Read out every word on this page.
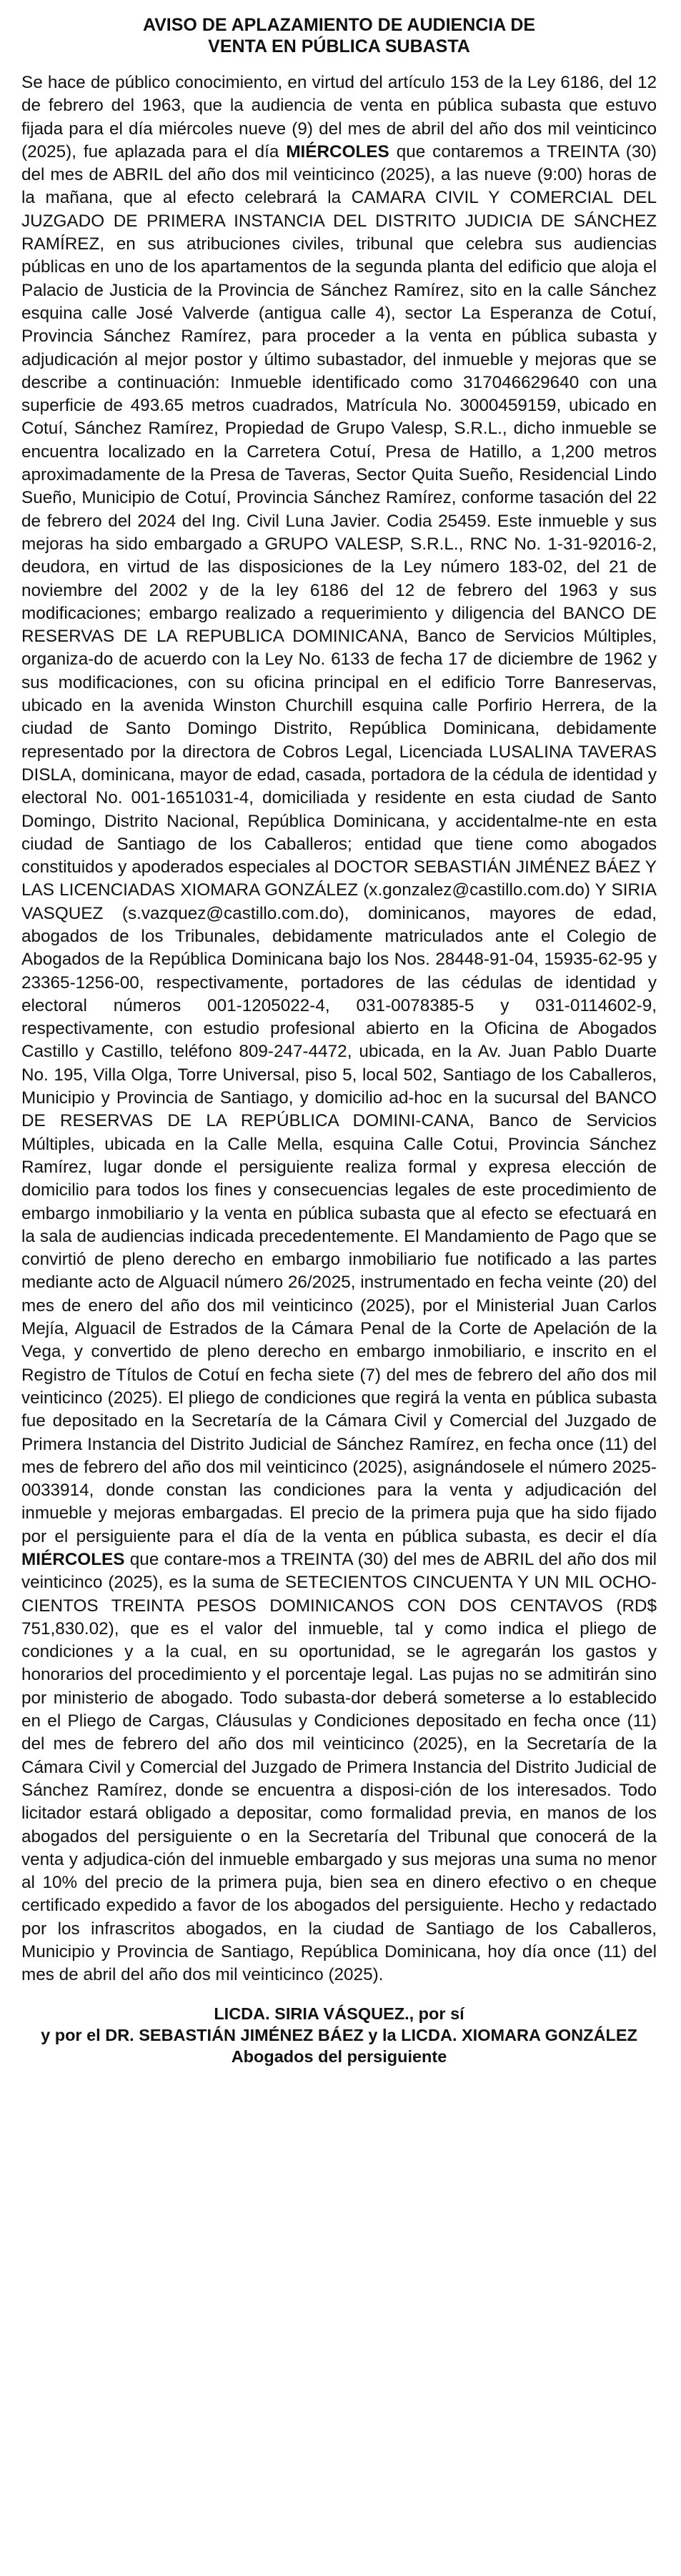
AVISO DE APLAZAMIENTO DE AUDIENCIA DE
VENTA EN PÚBLICA SUBASTA

Se hace de público conocimiento, en virtud del artículo 153 de la Ley 6186, del 12 de febrero del 1963, que la audiencia de venta en pública subasta que estuvo fijada para el día miércoles nueve (9) del mes de abril del año dos mil veinticinco (2025), fue aplazada para el día MIÉRCOLES que contaremos a TREINTA (30) del mes de ABRIL del año dos mil veinticinco (2025), a las nueve (9:00) horas de la mañana, que al efecto celebrará la CAMARA CIVIL Y COMERCIAL DEL JUZGADO DE PRIMERA INSTANCIA DEL DISTRITO JUDICIA DE SÁNCHEZ RAMÍREZ, en sus atribuciones civiles, tribunal que celebra sus audiencias públicas en uno de los apartamentos de la segunda planta del edificio que aloja el Palacio de Justicia de la Provincia de Sánchez Ramírez, sito en la calle Sánchez esquina calle José Valverde (antigua calle 4), sector La Esperanza de Cotuí, Provincia Sánchez Ramírez, para proceder a la venta en pública subasta y adjudicación al mejor postor y último subastador, del inmueble y mejoras que se describe a continuación: Inmueble identificado como 317046629640 con una superficie de 493.65 metros cuadrados, Matrícula No. 3000459159, ubicado en Cotuí, Sánchez Ramírez, Propiedad de Grupo Valesp, S.R.L., dicho inmueble se encuentra localizado en la Carretera Cotuí, Presa de Hatillo, a 1,200 metros aproximadamente de la Presa de Taveras, Sector Quita Sueño, Residencial Lindo Sueño, Municipio de Cotuí, Provincia Sánchez Ramírez, conforme tasación del 22 de febrero del 2024 del Ing. Civil Luna Javier. Codia 25459. Este inmueble y sus mejoras ha sido embargado a GRUPO VALESP, S.R.L., RNC No. 1-31-92016-2, deudora, en virtud de las disposiciones de la Ley número 183-02, del 21 de noviembre del 2002 y de la ley 6186 del 12 de febrero del 1963 y sus modificaciones; embargo realizado a requerimiento y diligencia del BANCO DE RESERVAS DE LA REPUBLICA DOMINICANA, Banco de Servicios Múltiples, organiza-do de acuerdo con la Ley No. 6133 de fecha 17 de diciembre de 1962 y sus modificaciones, con su oficina principal en el edificio Torre Banreservas, ubicado en la avenida Winston Churchill esquina calle Porfirio Herrera, de la ciudad de Santo Domingo Distrito, República Dominicana, debidamente representado por la directora de Cobros Legal, Licenciada LUSALINA TAVERAS DISLA, dominicana, mayor de edad, casada, portadora de la cédula de identidad y electoral No. 001-1651031-4, domiciliada y residente en esta ciudad de Santo Domingo, Distrito Nacional, República Dominicana, y accidentalme-nte en esta ciudad de Santiago de los Caballeros; entidad que tiene como abogados constituidos y apoderados especiales al DOCTOR SEBASTIÁN JIMÉNEZ BÁEZ Y LAS LICENCIADAS XIOMARA GONZÁLEZ (x.gonzalez@castillo.com.do) Y SIRIA VASQUEZ (s.vazquez@castillo.com.do), dominicanos, mayores de edad, abogados de los Tribunales, debidamente matriculados ante el Colegio de Abogados de la República Dominicana bajo los Nos. 28448-91-04, 15935-62-95 y 23365-1256-00, respectivamente, portadores de las cédulas de identidad y electoral números 001-1205022-4, 031-0078385-5 y 031-0114602-9, respectivamente, con estudio profesional abierto en la Oficina de Abogados Castillo y Castillo, teléfono 809-247-4472, ubicada, en la Av. Juan Pablo Duarte No. 195, Villa Olga, Torre Universal, piso 5, local 502, Santiago de los Caballeros, Municipio y Provincia de Santiago, y domicilio ad-hoc en la sucursal del BANCO DE RESERVAS DE LA REPÚBLICA DOMINI-CANA, Banco de Servicios Múltiples, ubicada en la Calle Mella, esquina Calle Cotui, Provincia Sánchez Ramírez, lugar donde el persiguiente realiza formal y expresa elección de domicilio para todos los fines y consecuencias legales de este procedimiento de embargo inmobiliario y la venta en pública subasta que al efecto se efectuará en la sala de audiencias indicada precedentemente. El Mandamiento de Pago que se convirtió de pleno derecho en embargo inmobiliario fue notificado a las partes mediante acto de Alguacil número 26/2025, instrumentado en fecha veinte (20) del mes de enero del año dos mil veinticinco (2025), por el Ministerial Juan Carlos Mejía, Alguacil de Estrados de la Cámara Penal de la Corte de Apelación de la Vega, y convertido de pleno derecho en embargo inmobiliario, e inscrito en el Registro de Títulos de Cotuí en fecha siete (7) del mes de febrero del año dos mil veinticinco (2025). El pliego de condiciones que regirá la venta en pública subasta fue depositado en la Secretaría de la Cámara Civil y Comercial del Juzgado de Primera Instancia del Distrito Judicial de Sánchez Ramírez, en fecha once (11) del mes de febrero del año dos mil veinticinco (2025), asignándosele el número 2025-0033914, donde constan las condiciones para la venta y adjudicación del inmueble y mejoras embargadas. El precio de la primera puja que ha sido fijado por el persiguiente para el día de la venta en pública subasta, es decir el día MIÉRCOLES que contare-mos a TREINTA (30) del mes de ABRIL del año dos mil veinticinco (2025), es la suma de SETECIENTOS CINCUENTA Y UN MIL OCHO-CIENTOS TREINTA PESOS DOMINICANOS CON DOS CENTAVOS (RD$ 751,830.02), que es el valor del inmueble, tal y como indica el pliego de condiciones y a la cual, en su oportunidad, se le agregarán los gastos y honorarios del procedimiento y el porcentaje legal. Las pujas no se admitirán sino por ministerio de abogado. Todo subasta-dor deberá someterse a lo establecido en el Pliego de Cargas, Cláusulas y Condiciones depositado en fecha once (11) del mes de febrero del año dos mil veinticinco (2025), en la Secretaría de la Cámara Civil y Comercial del Juzgado de Primera Instancia del Distrito Judicial de Sánchez Ramírez, donde se encuentra a disposi-ción de los interesados. Todo licitador estará obligado a depositar, como formalidad previa, en manos de los abogados del persiguiente o en la Secretaría del Tribunal que conocerá de la venta y adjudica-ción del inmueble embargado y sus mejoras una suma no menor al 10% del precio de la primera puja, bien sea en dinero efectivo o en cheque certificado expedido a favor de los abogados del persiguiente. Hecho y redactado por los infrascritos abogados, en la ciudad de Santiago de los Caballeros, Municipio y Provincia de Santiago, República Dominicana, hoy día once (11) del mes de abril del año dos mil veinticinco (2025).

LICDA. SIRIA VÁSQUEZ., por sí
y por el DR. SEBASTIÁN JIMÉNEZ BÁEZ y la LICDA. XIOMARA GONZÁLEZ
Abogados del persiguiente
